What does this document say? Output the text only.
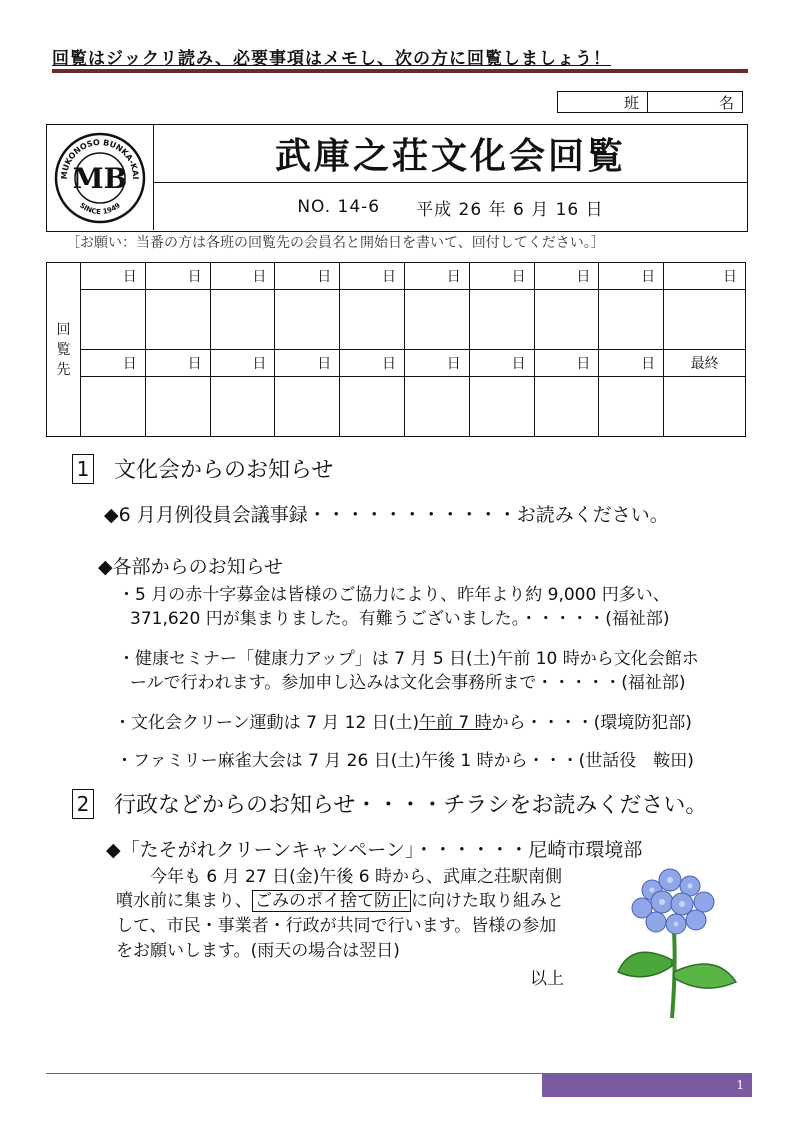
回覧はジックリ読み、必要事項はメモし、次の方に回覧しましょう！
班	名
MUKONOSO BUNKA-KAI
SINCE 1949
MB
武庫之荘文化会回覧
NO. 14-6 平成 26 年 6 月 16 日
［お願い：当番の方は各班の回覧先の会員名と開始日を書いて、回付してください。］
回
覧
先	日	日	日	日	日	日	日	日	日	日

	日	日	日	日	日	日	日	日	日	最終

1 文化会からのお知らせ
◆6 月月例役員会議事録・・・・・・・・・・・お読みください。
◆各部からのお知らせ
・5 月の赤十字募金は皆様のご協力により、昨年より約 9,000 円多い、
371,620 円が集まりました。有難うございました。・・・・・(福祉部)
・健康セミナー「健康力アップ」は 7 月 5 日(土)午前 10 時から文化会館ホ
ールで行われます。参加申し込みは文化会事務所まで・・・・・(福祉部)
・文化会クリーン運動は 7 月 12 日(土)午前 7 時から・・・・(環境防犯部)
・ファミリー麻雀大会は 7 月 26 日(土)午後 1 時から・・・(世話役　鞍田)
2 行政などからのお知らせ・・・・チラシをお読みください。
◆「たそがれクリーンキャンペーン」・・・・・・尼崎市環境部
今年も 6 月 27 日(金)午後 6 時から、武庫之荘駅南側
噴水前に集まり、 ごみのポイ捨て防止 に向けた取り組みと
して、市民・事業者・行政が共同で行います。皆様の参加
をお願いします。(雨天の場合は翌日)
以上
1
